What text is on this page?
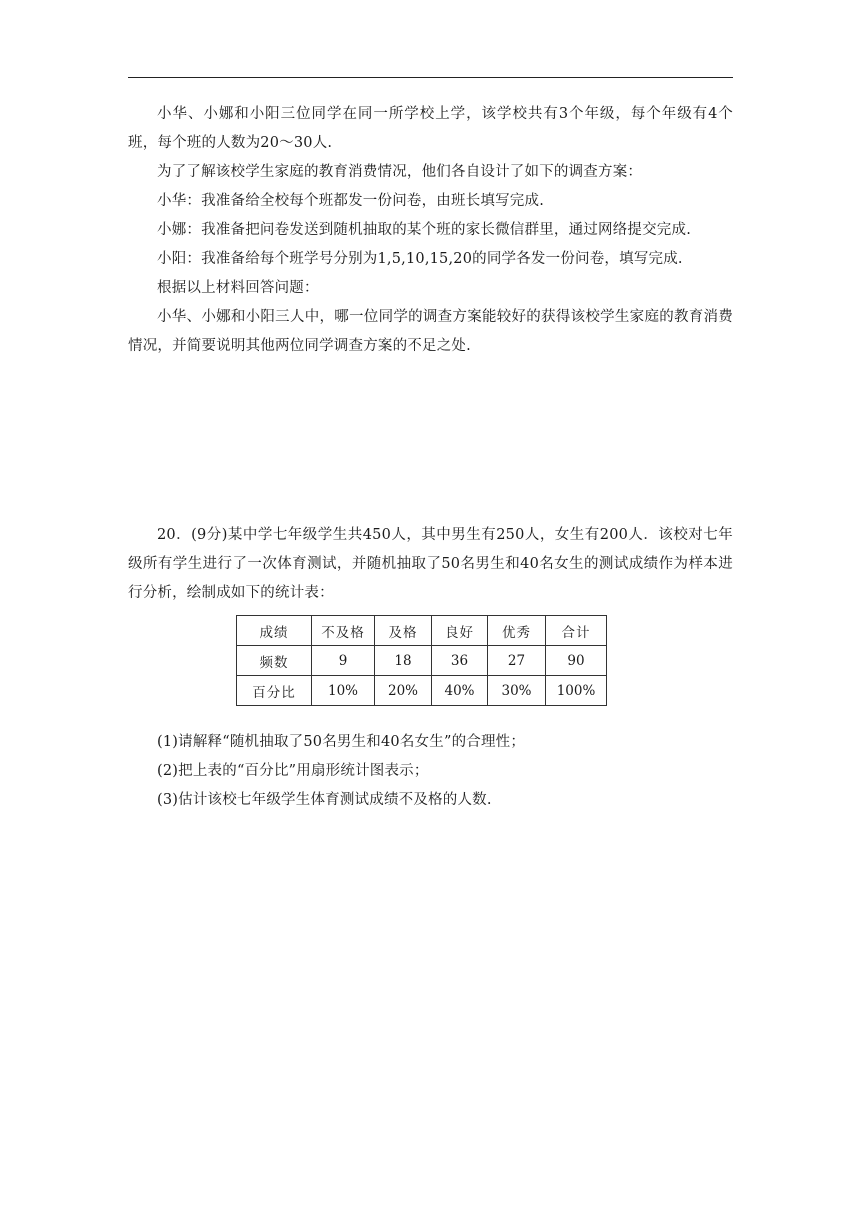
小华、小娜和小阳三位同学在同一所学校上学，该学校共有3个年级，每个年级有4个班，每个班的人数为20～30人.

为了了解该校学生家庭的教育消费情况，他们各自设计了如下的调查方案：

小华：我准备给全校每个班都发一份问卷，由班长填写完成.

小娜：我准备把问卷发送到随机抽取的某个班的家长微信群里，通过网络提交完成.

小阳：我准备给每个班学号分别为1,5,10,15,20的同学各发一份问卷，填写完成.

根据以上材料回答问题：

小华、小娜和小阳三人中，哪一位同学的调查方案能较好的获得该校学生家庭的教育消费情况，并简要说明其他两位同学调查方案的不足之处.

20．(9分)某中学七年级学生共450人，其中男生有250人，女生有200人．该校对七年级所有学生进行了一次体育测试，并随机抽取了50名男生和40名女生的测试成绩作为样本进行分析，绘制成如下的统计表：

成绩	不及格	及格	良好	优秀	合计
频数	9	18	36	27	90
百分比	10%	20%	40%	30%	100%

(1)请解释“随机抽取了50名男生和40名女生”的合理性；

(2)把上表的“百分比”用扇形统计图表示；

(3)估计该校七年级学生体育测试成绩不及格的人数.
